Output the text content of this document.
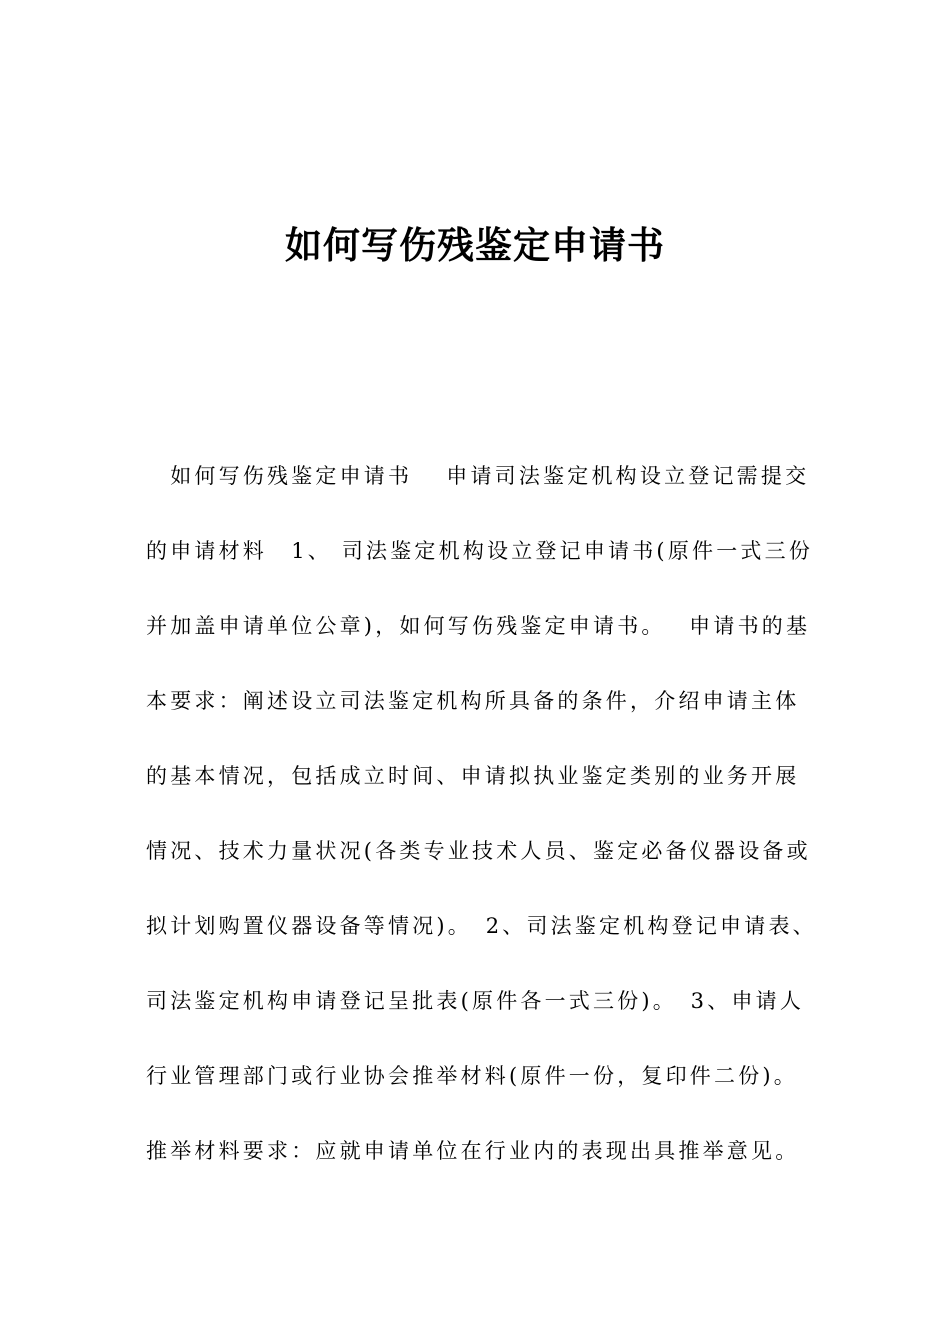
如何写伤残鉴定申请书
　如何写伤残鉴定申请书　 申请司法鉴定机构设立登记需提交
的申请材料　1、 司法鉴定机构设立登记申请书(原件一式三份
并加盖申请单位公章)，如何写伤残鉴定申请书。　 申请书的基
本要求：阐述设立司法鉴定机构所具备的条件，介绍申请主体
的基本情况，包括成立时间、申请拟执业鉴定类别的业务开展
情况、技术力量状况(各类专业技术人员、鉴定必备仪器设备或
拟计划购置仪器设备等情况)。　2、司法鉴定机构登记申请表、
司法鉴定机构申请登记呈批表(原件各一式三份)。　3、申请人
行业管理部门或行业协会推举材料(原件一份，复印件二份)。
推举材料要求：应就申请单位在行业内的表现出具推举意见。
